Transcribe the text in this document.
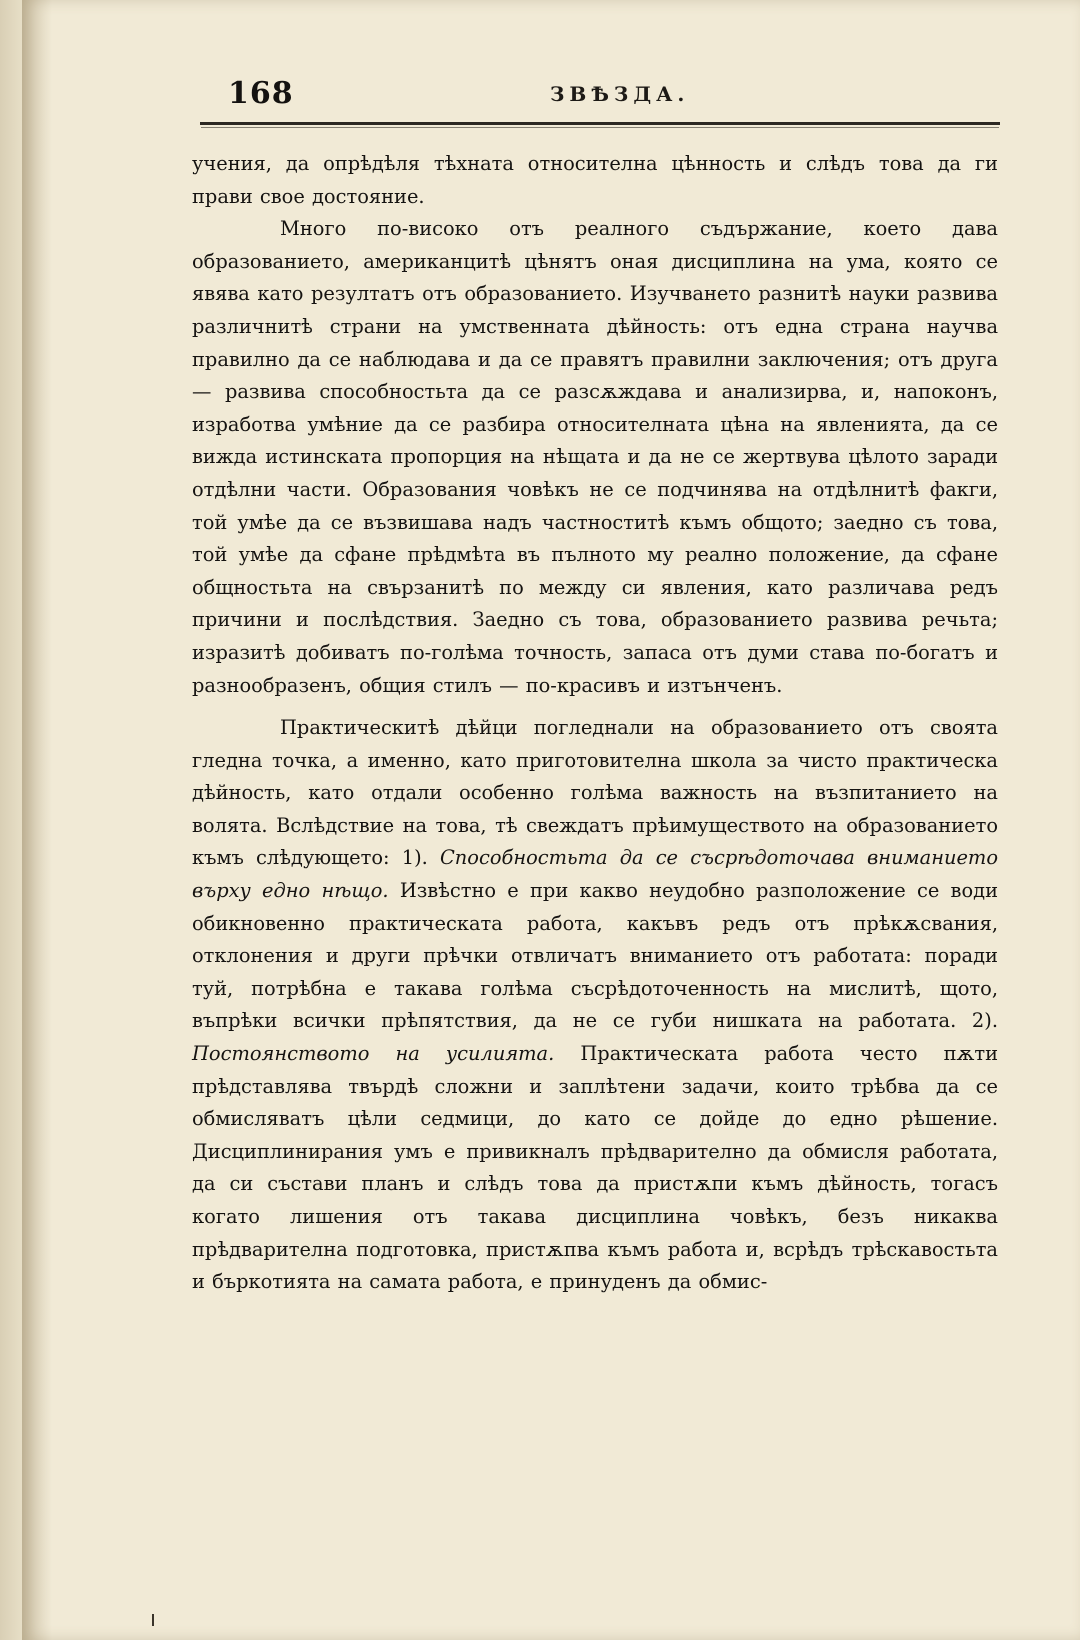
168	ЗВѢЗДА.

учения, да опрѣдѣля тѣхната относителна цѣнность и слѣдъ това да ги прави свое достояние.

Много по-високо отъ реалного съдържание, което дава образованието, американцитѣ цѣнятъ оная дисциплина на ума, която се явява като резултатъ отъ образованието. Изучването разнитѣ науки развива различнитѣ страни на умственната дѣйность: отъ една страна научва правилно да се наблюдава и да се правятъ правилни заключения; отъ друга — развива способностьта да се разсѫждава и анализирва, и, напоконъ, изработва умѣние да се разбира относителната цѣна на явленията, да се вижда истинската пропорция на нѣщата и да не се жертвува цѣлото заради отдѣлни части. Образования човѣкъ не се подчинява на отдѣлнитѣ факги, той умѣе да се възвишава надъ частноститѣ къмъ общото; заедно съ това, той умѣе да сфане прѣдмѣта въ пълното му реално положение, да сфане общностьта на свързанитѣ по между си явления, като различава редъ причини и послѣдствия. Заедно съ това, образованието развива речьта; изразитѣ добиватъ по-голѣма точность, запаса отъ думи става по-богатъ и разнообразенъ, общия стилъ — по-красивъ и изтънченъ.

Практическитѣ дѣйци погледнали на образованието отъ своята гледна точка, а именно, като приготовителна школа за чисто практическа дѣйность, като отдали особенно голѣма важность на възпитанието на волята. Вслѣдствие на това, тѣ свеждатъ прѣимуществото на образованието къмъ слѣдующето: 1). Способностьта да се съсрѣдоточава вниманието върху едно нѣщо. Извѣстно е при какво неудобно разположение се води обикновенно практическата работа, какъвъ редъ отъ прѣкѫсвания, отклонения и други прѣчки отвличатъ вниманието отъ работата: поради туй, потрѣбна е такава голѣма съсрѣдоточенность на мислитѣ, щото, въпрѣки всички прѣпятствия, да не се губи нишката на работата. 2). Постоянството на усилията. Практическата работа често пѫти прѣдставлява твърдѣ сложни и заплѣтени задачи, които трѣбва да се обмисляватъ цѣли седмици, до като се дойде до едно рѣшение. Дисциплинирания умъ е привикналъ прѣдварително да обмисля работата, да си състави планъ и слѣдъ това да пристѫпи къмъ дѣйность, тогасъ когато лишения отъ такава дисциплина човѣкъ, безъ никаква прѣдварителна подготовка, пристѫпва къмъ работа и, всрѣдъ трѣскавостьта и бъркотията на самата работа, е принуденъ да обмис-
